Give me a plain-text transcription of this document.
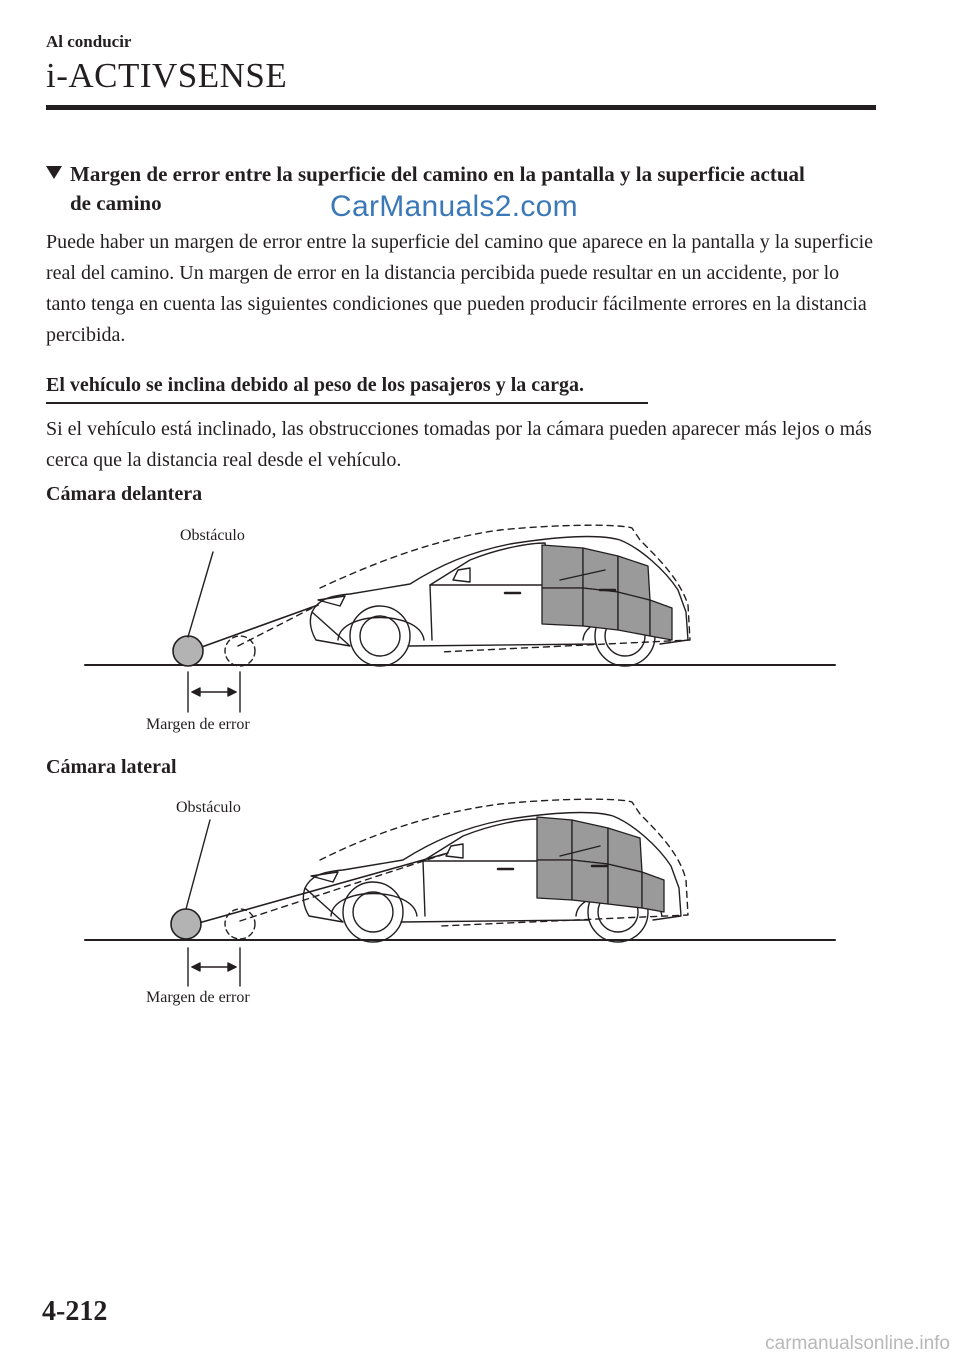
Al conducir
i-ACTIVSENSE
Margen de error entre la superficie del camino en la pantalla y la superficie actual
de camino	CarManuals2.com
Puede haber un margen de error entre la superficie del camino que aparece en la pantalla y la superficie real del camino. Un margen de error en la distancia percibida puede resultar en un accidente, por lo tanto tenga en cuenta las siguientes condiciones que pueden producir fácilmente errores en la distancia percibida.
El vehículo se inclina debido al peso de los pasajeros y la carga.
Si el vehículo está inclinado, las obstrucciones tomadas por la cámara pueden aparecer más lejos o más cerca que la distancia real desde el vehículo.
Cámara delantera
Obstáculo
Margen de error
Cámara lateral
Obstáculo
Margen de error
4-212
carmanualsonline.info
